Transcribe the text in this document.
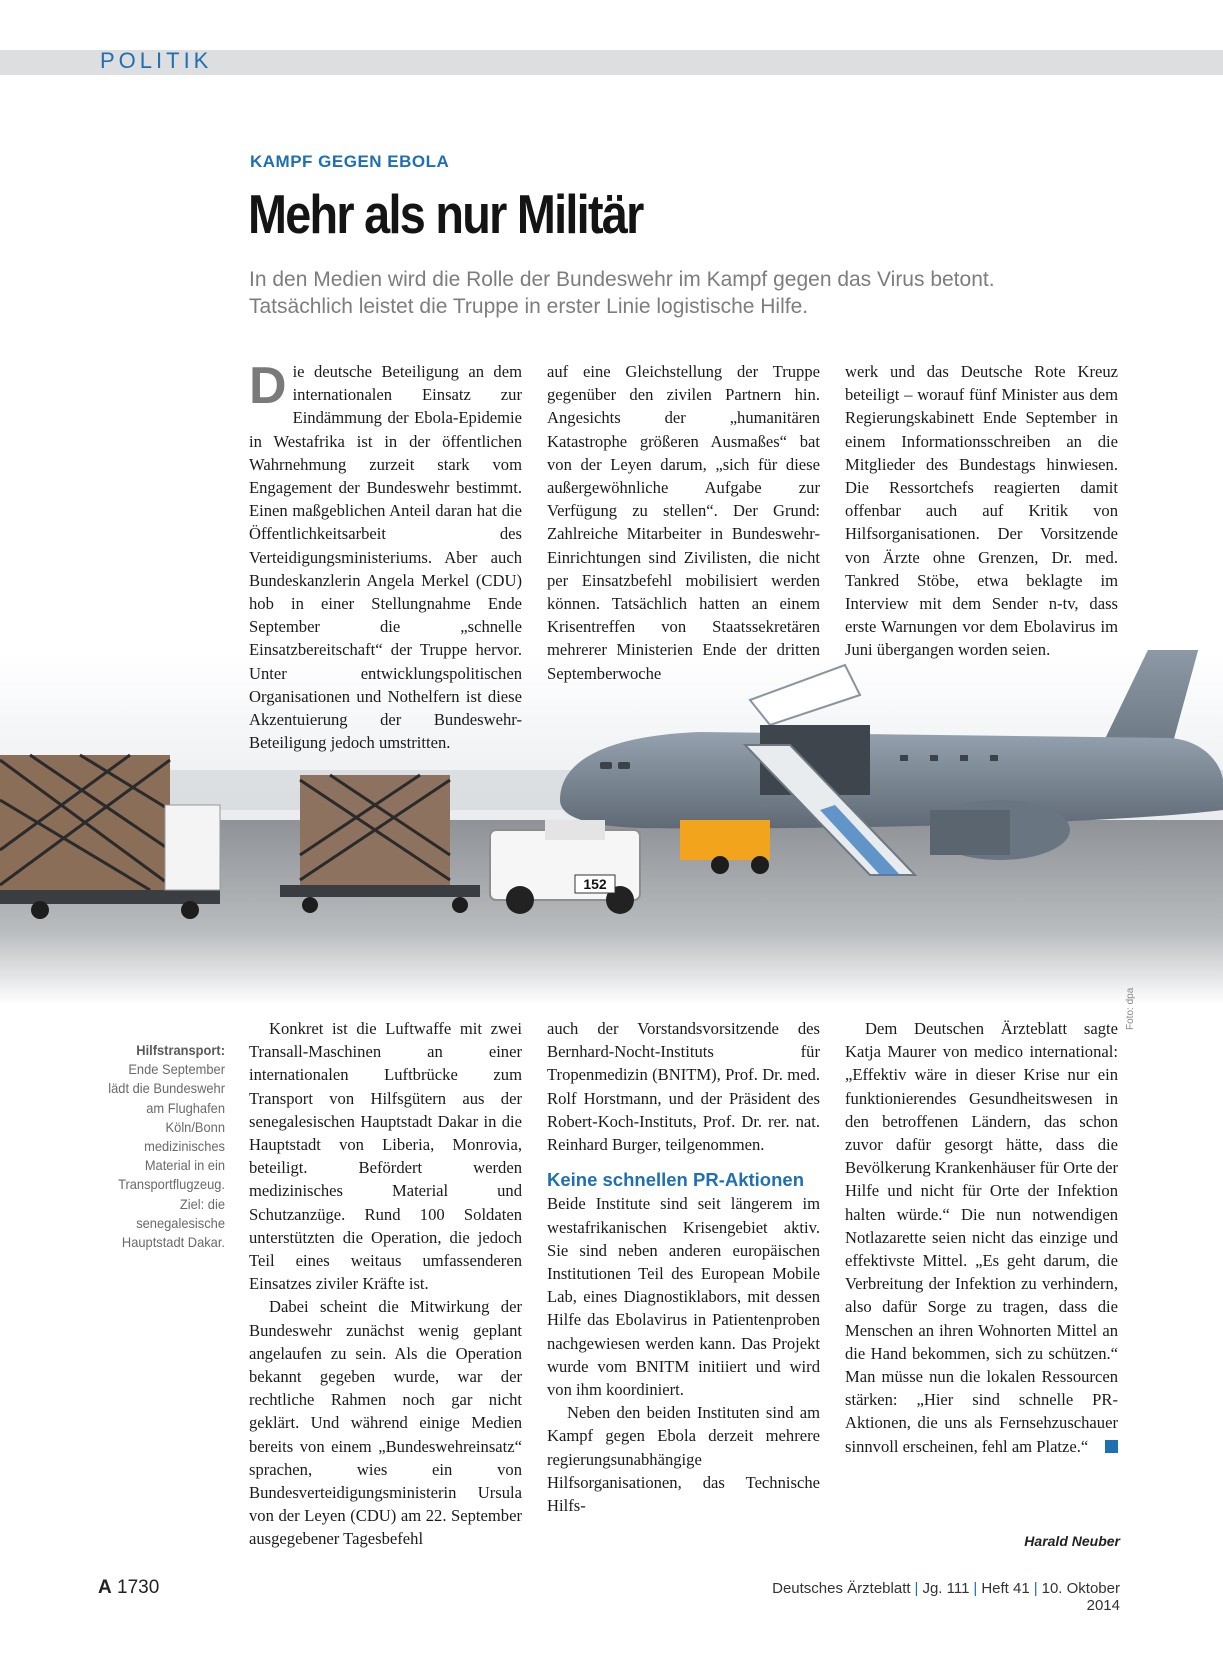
POLITIK
152
KAMPF GEGEN EBOLA
Mehr als nur Militär
In den Medien wird die Rolle der Bundeswehr im Kampf gegen das Virus betont.
Tatsächlich leistet die Truppe in erster Linie logistische Hilfe.
D ie deutsche Beteiligung an dem internationalen Einsatz zur Eindämmung der Ebola-Epidemie in Westafrika ist in der öffentlichen Wahrnehmung zurzeit stark vom Engagement der Bundeswehr bestimmt. Einen maßgeblichen Anteil daran hat die Öffentlichkeitsarbeit des Verteidigungsministeriums. Aber auch Bundeskanzlerin Angela Merkel (CDU) hob in einer Stellungnahme Ende September die „schnelle Einsatzbereitschaft“ der Truppe hervor. Unter entwicklungspolitischen Organisationen und Nothelfern ist diese Akzentuierung der Bundeswehr-Beteiligung jedoch umstritten.

auf eine Gleichstellung der Truppe gegenüber den zivilen Partnern hin. Angesichts der „humanitären Katastrophe größeren Ausmaßes“ bat von der Leyen darum, „sich für diese außergewöhnliche Aufgabe zur Verfügung zu stellen“. Der Grund: Zahlreiche Mitarbeiter in Bundeswehr-Einrichtungen sind Zivilisten, die nicht per Einsatzbefehl mobilisiert werden können. Tatsächlich hatten an einem Krisentreffen von Staatssekretären mehrerer Ministerien Ende der dritten Septemberwoche

werk und das Deutsche Rote Kreuz beteiligt – worauf fünf Minister aus dem Regierungskabinett Ende September in einem Informationsschreiben an die Mitglieder des Bundestags hinwiesen. Die Ressortchefs reagierten damit offenbar auch auf Kritik von Hilfsorganisationen. Der Vorsitzende von Ärzte ohne Grenzen, Dr. med. Tankred Stöbe, etwa beklagte im Interview mit dem Sender n-tv, dass erste Warnungen vor dem Ebolavirus im Juni übergangen worden seien.

Hilfstransport:
Ende September lädt die Bundeswehr am Flughafen Köln/Bonn medizinisches Material in ein Transportflugzeug. Ziel: die senegalesische Hauptstadt Dakar.
Foto: dpa

Konkret ist die Luftwaffe mit zwei Transall-Maschinen an einer internationalen Luftbrücke zum Transport von Hilfsgütern aus der senegalesischen Hauptstadt Dakar in die Hauptstadt von Liberia, Monrovia, beteiligt. Befördert werden medizinisches Material und Schutzanzüge. Rund 100 Soldaten unterstützten die Operation, die jedoch Teil eines weitaus umfassenderen Einsatzes ziviler Kräfte ist.

Dabei scheint die Mitwirkung der Bundeswehr zunächst wenig geplant angelaufen zu sein. Als die Operation bekannt gegeben wurde, war der rechtliche Rahmen noch gar nicht geklärt. Und während einige Medien bereits von einem „Bundeswehreinsatz“ sprachen, wies ein von Bundesverteidigungsministerin Ursula von der Leyen (CDU) am 22. September ausgegebener Tagesbefehl

auch der Vorstandsvorsitzende des Bernhard-Nocht-Instituts für Tropenmedizin (BNITM), Prof. Dr. med. Rolf Horstmann, und der Präsident des Robert-Koch-Instituts, Prof. Dr. rer. nat. Reinhard Burger, teilgenommen.

Keine schnellen PR-Aktionen

Beide Institute sind seit längerem im westafrikanischen Krisengebiet aktiv. Sie sind neben anderen europäischen Institutionen Teil des European Mobile Lab, eines Diagnostiklabors, mit dessen Hilfe das Ebolavirus in Patientenproben nachgewiesen werden kann. Das Projekt wurde vom BNITM initiiert und wird von ihm koordiniert.

Neben den beiden Instituten sind am Kampf gegen Ebola derzeit mehrere regierungsunabhängige Hilfsorganisationen, das Technische Hilfs-

Dem Deutschen Ärzteblatt sagte Katja Maurer von medico international: „Effektiv wäre in dieser Krise nur ein funktionierendes Gesundheitswesen in den betroffenen Ländern, das schon zuvor dafür gesorgt hätte, dass die Bevölkerung Krankenhäuser für Orte der Hilfe und nicht für Orte der Infektion halten würde.“ Die nun notwendigen Notlazarette seien nicht das einzige und effektivste Mittel. „Es geht darum, die Verbreitung der Infektion zu verhindern, also dafür Sorge zu tragen, dass die Menschen an ihren Wohnorten Mittel an die Hand bekommen, sich zu schützen.“ Man müsse nun die lokalen Ressourcen stärken: „Hier sind schnelle PR-Aktionen, die uns als Fernsehzuschauer sinnvoll erscheinen, fehl am Platze.“

Harald Neuber
A 1730	Deutsches Ärzteblatt | Jg. 111 | Heft 41 | 10. Oktober 2014
